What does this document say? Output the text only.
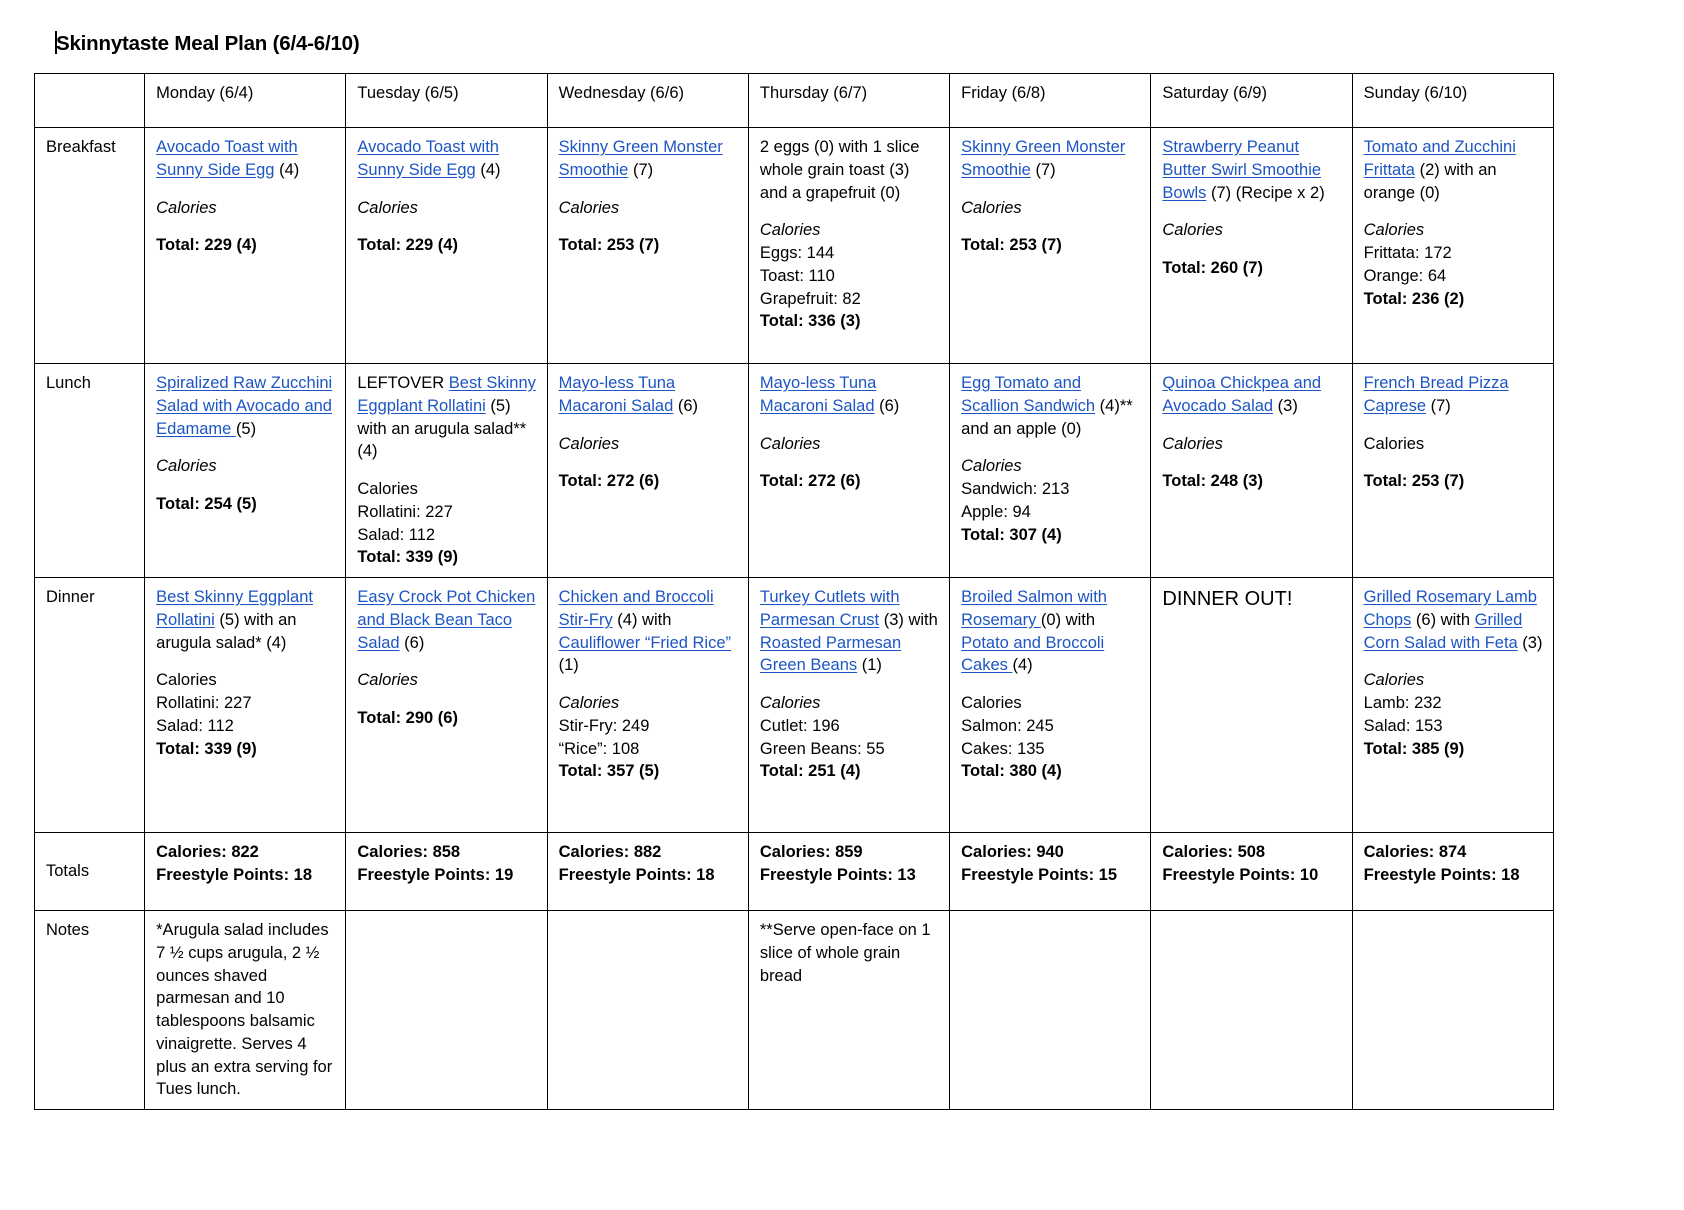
Skinnytaste Meal Plan (6/4-6/10)
	Monday (6/4)	Tuesday (6/5)	Wednesday (6/6)	Thursday (6/7)	Friday (6/8)	Saturday (6/9)	Sunday (6/10)
Breakfast	Avocado Toast with Sunny Side Egg (4)
Calories
Total: 229 (4)	Avocado Toast with Sunny Side Egg (4)
Calories
Total: 229 (4)	Skinny Green Monster Smoothie (7)
Calories
Total: 253 (7)	2 eggs (0) with 1 slice whole grain toast (3) and a grapefruit (0)
Calories
Eggs: 144
Toast: 110
Grapefruit: 82
Total: 336 (3)	Skinny Green Monster Smoothie (7)
Calories
Total: 253 (7)	Strawberry Peanut Butter Swirl Smoothie Bowls (7) (Recipe x 2)
Calories
Total: 260 (7)	Tomato and Zucchini Frittata (2) with an orange (0)
Calories
Frittata: 172
Orange: 64
Total: 236 (2)
Lunch	Spiralized Raw Zucchini Salad with Avocado and Edamame (5)
Calories
Total: 254 (5)	LEFTOVER Best Skinny Eggplant Rollatini (5) with an arugula salad** (4)
Calories
Rollatini: 227
Salad: 112
Total: 339 (9)	Mayo-less Tuna Macaroni Salad (6)
Calories
Total: 272 (6)	Mayo-less Tuna Macaroni Salad (6)
Calories
Total: 272 (6)	Egg Tomato and Scallion Sandwich (4)** and an apple (0)
Calories
Sandwich: 213
Apple: 94
Total: 307 (4)	Quinoa Chickpea and Avocado Salad (3)
Calories
Total: 248 (3)	French Bread Pizza Caprese (7)
Calories
Total: 253 (7)
Dinner	Best Skinny Eggplant Rollatini (5) with an arugula salad* (4)
Calories
Rollatini: 227
Salad: 112
Total: 339 (9)	Easy Crock Pot Chicken and Black Bean Taco Salad (6)
Calories
Total: 290 (6)	Chicken and Broccoli Stir-Fry (4) with Cauliflower “Fried Rice” (1)
Calories
Stir-Fry: 249
“Rice”: 108
Total: 357 (5)	Turkey Cutlets with Parmesan Crust (3) with Roasted Parmesan Green Beans (1)
Calories
Cutlet: 196
Green Beans: 55
Total: 251 (4)	Broiled Salmon with Rosemary (0) with Potato and Broccoli Cakes (4)
Calories
Salmon: 245
Cakes: 135
Total: 380 (4)	DINNER OUT!	Grilled Rosemary Lamb Chops (6) with Grilled Corn Salad with Feta (3)
Calories
Lamb: 232
Salad: 153
Total: 385 (9)
Totals	Calories: 822
Freestyle Points: 18	Calories: 858
Freestyle Points: 19	Calories: 882
Freestyle Points: 18	Calories: 859
Freestyle Points: 13	Calories: 940
Freestyle Points: 15	Calories: 508
Freestyle Points: 10	Calories: 874
Freestyle Points: 18
Notes	*Arugula salad includes 7 ½ cups arugula, 2 ½ ounces shaved parmesan and 10 tablespoons balsamic vinaigrette. Serves 4 plus an extra serving for Tues lunch.			**Serve open-face on 1 slice of whole grain bread			
